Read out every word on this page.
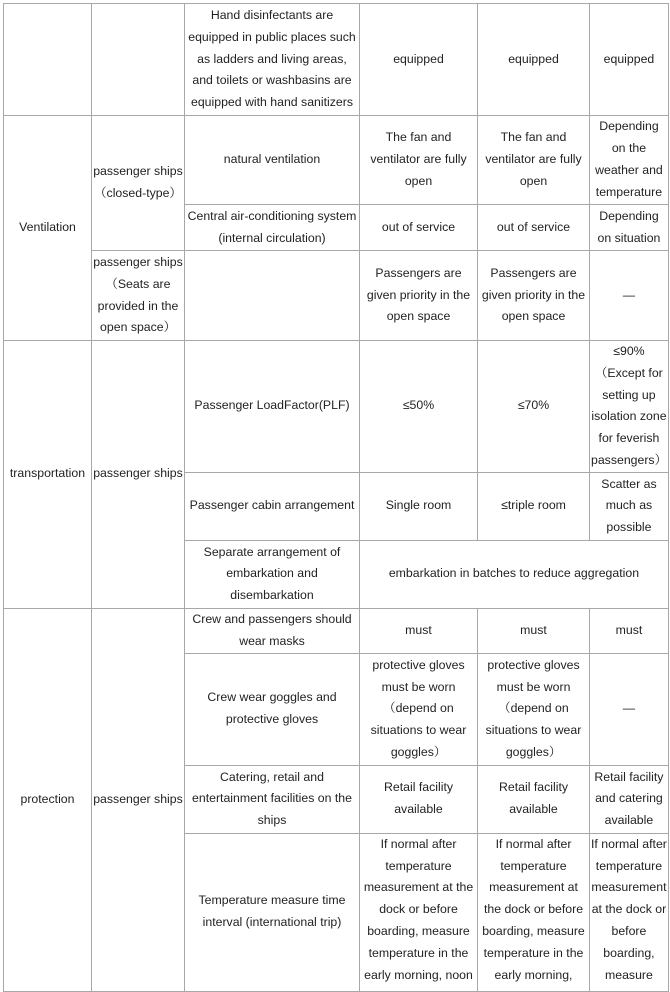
		Hand disinfectants are equipped in public places such as ladders and living areas, and toilets or washbasins are equipped with hand sanitizers	equipped	equipped	equipped
Ventilation	passenger ships（closed-type）	natural ventilation	The fan and ventilator are fully open	The fan and ventilator are fully open	Depending on the weather and temperature
		Central air-conditioning system (internal circulation)	out of service	out of service	Depending on situation
	passenger ships（Seats are provided in the open space）		Passengers are given priority in the open space	Passengers are given priority in the open space	—
transportation	passenger ships	Passenger LoadFactor(PLF)	≤50%	≤70%	≤90%（Except for setting up isolation zone for feverish passengers）
		Passenger cabin arrangement	Single room	≤triple room	Scatter as much as possible
		Separate arrangement of embarkation and disembarkation	embarkation in batches to reduce aggregation		
protection	passenger ships	Crew and passengers should wear masks	must	must	must
		Crew wear goggles and protective gloves	protective gloves must be worn （depend on situations to wear goggles）	protective gloves must be worn （depend on situations to wear goggles）	—
		Catering, retail and entertainment facilities on the ships	Retail facility available	Retail facility available	Retail facility and catering available
		Temperature measure time interval (international trip)	If normal after temperature measurement at the dock or before boarding, measure temperature in the early morning, noon	If normal after temperature measurement at the dock or before boarding, measure temperature in the early morning,	If normal after temperature measurement at the dock or before boarding, measure
